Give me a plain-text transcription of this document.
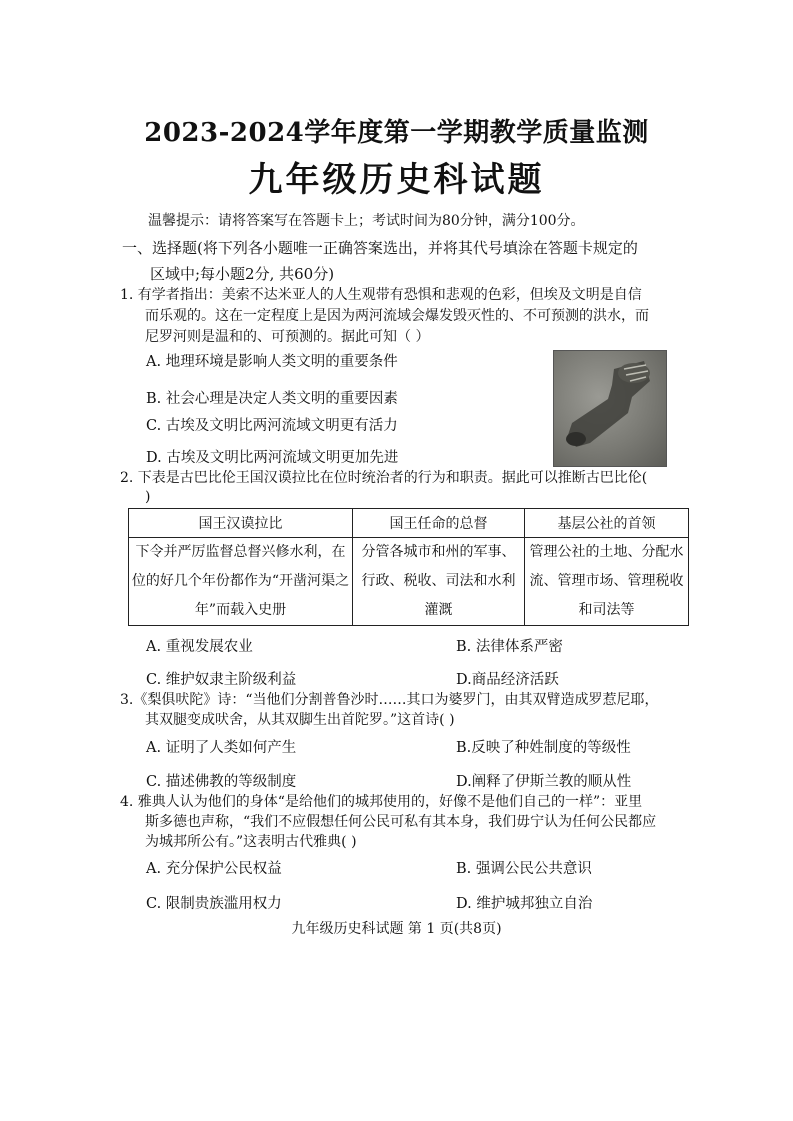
2023-2024学年度第一学期教学质量监测
九年级历史科试题
温馨提示：请将答案写在答题卡上；考试时间为80分钟，满分100分。
一、选择题(将下列各小题唯一正确答案选出，并将其代号填涂在答题卡规定的
区域中;每小题2分, 共60分)
1. 有学者指出：美索不达米亚人的人生观带有恐惧和悲观的色彩，但埃及文明是自信
而乐观的。这在一定程度上是因为两河流域会爆发毁灭性的、不可预测的洪水，而
尼罗河则是温和的、可预测的。据此可知（ ）
A. 地理环境是影响人类文明的重要条件
B. 社会心理是决定人类文明的重要因素
C. 古埃及文明比两河流域文明更有活力
D. 古埃及文明比两河流域文明更加先进
2. 下表是古巴比伦王国汉谟拉比在位时统治者的行为和职责。据此可以推断古巴比伦(
)
国王汉谟拉比	国王任命的总督	基层公社的首领
下令并严厉监督总督兴修水利，在位的好几个年份都作为“开凿河渠之年”而载入史册	分管各城市和州的军事、行政、税收、司法和水利灌溉	管理公社的土地、分配水流、管理市场、管理税收和司法等
A. 重视发展农业	B. 法律体系严密
C. 维护奴隶主阶级利益	D.商品经济活跃
3.《梨俱吠陀》诗：“当他们分割普鲁沙时……其口为婆罗门，由其双臂造成罗惹尼耶，
其双腿变成吠舍，从其双脚生出首陀罗。”这首诗( )
A. 证明了人类如何产生	B.反映了种姓制度的等级性
C. 描述佛教的等级制度	D.阐释了伊斯兰教的顺从性
4. 雅典人认为他们的身体“是给他们的城邦使用的，好像不是他们自己的一样”：亚里
斯多德也声称，“我们不应假想任何公民可私有其本身，我们毋宁认为任何公民都应
为城邦所公有。”这表明古代雅典( )
A. 充分保护公民权益	B. 强调公民公共意识
C. 限制贵族滥用权力	D. 维护城邦独立自治
九年级历史科试题 第 1 页(共8页)
